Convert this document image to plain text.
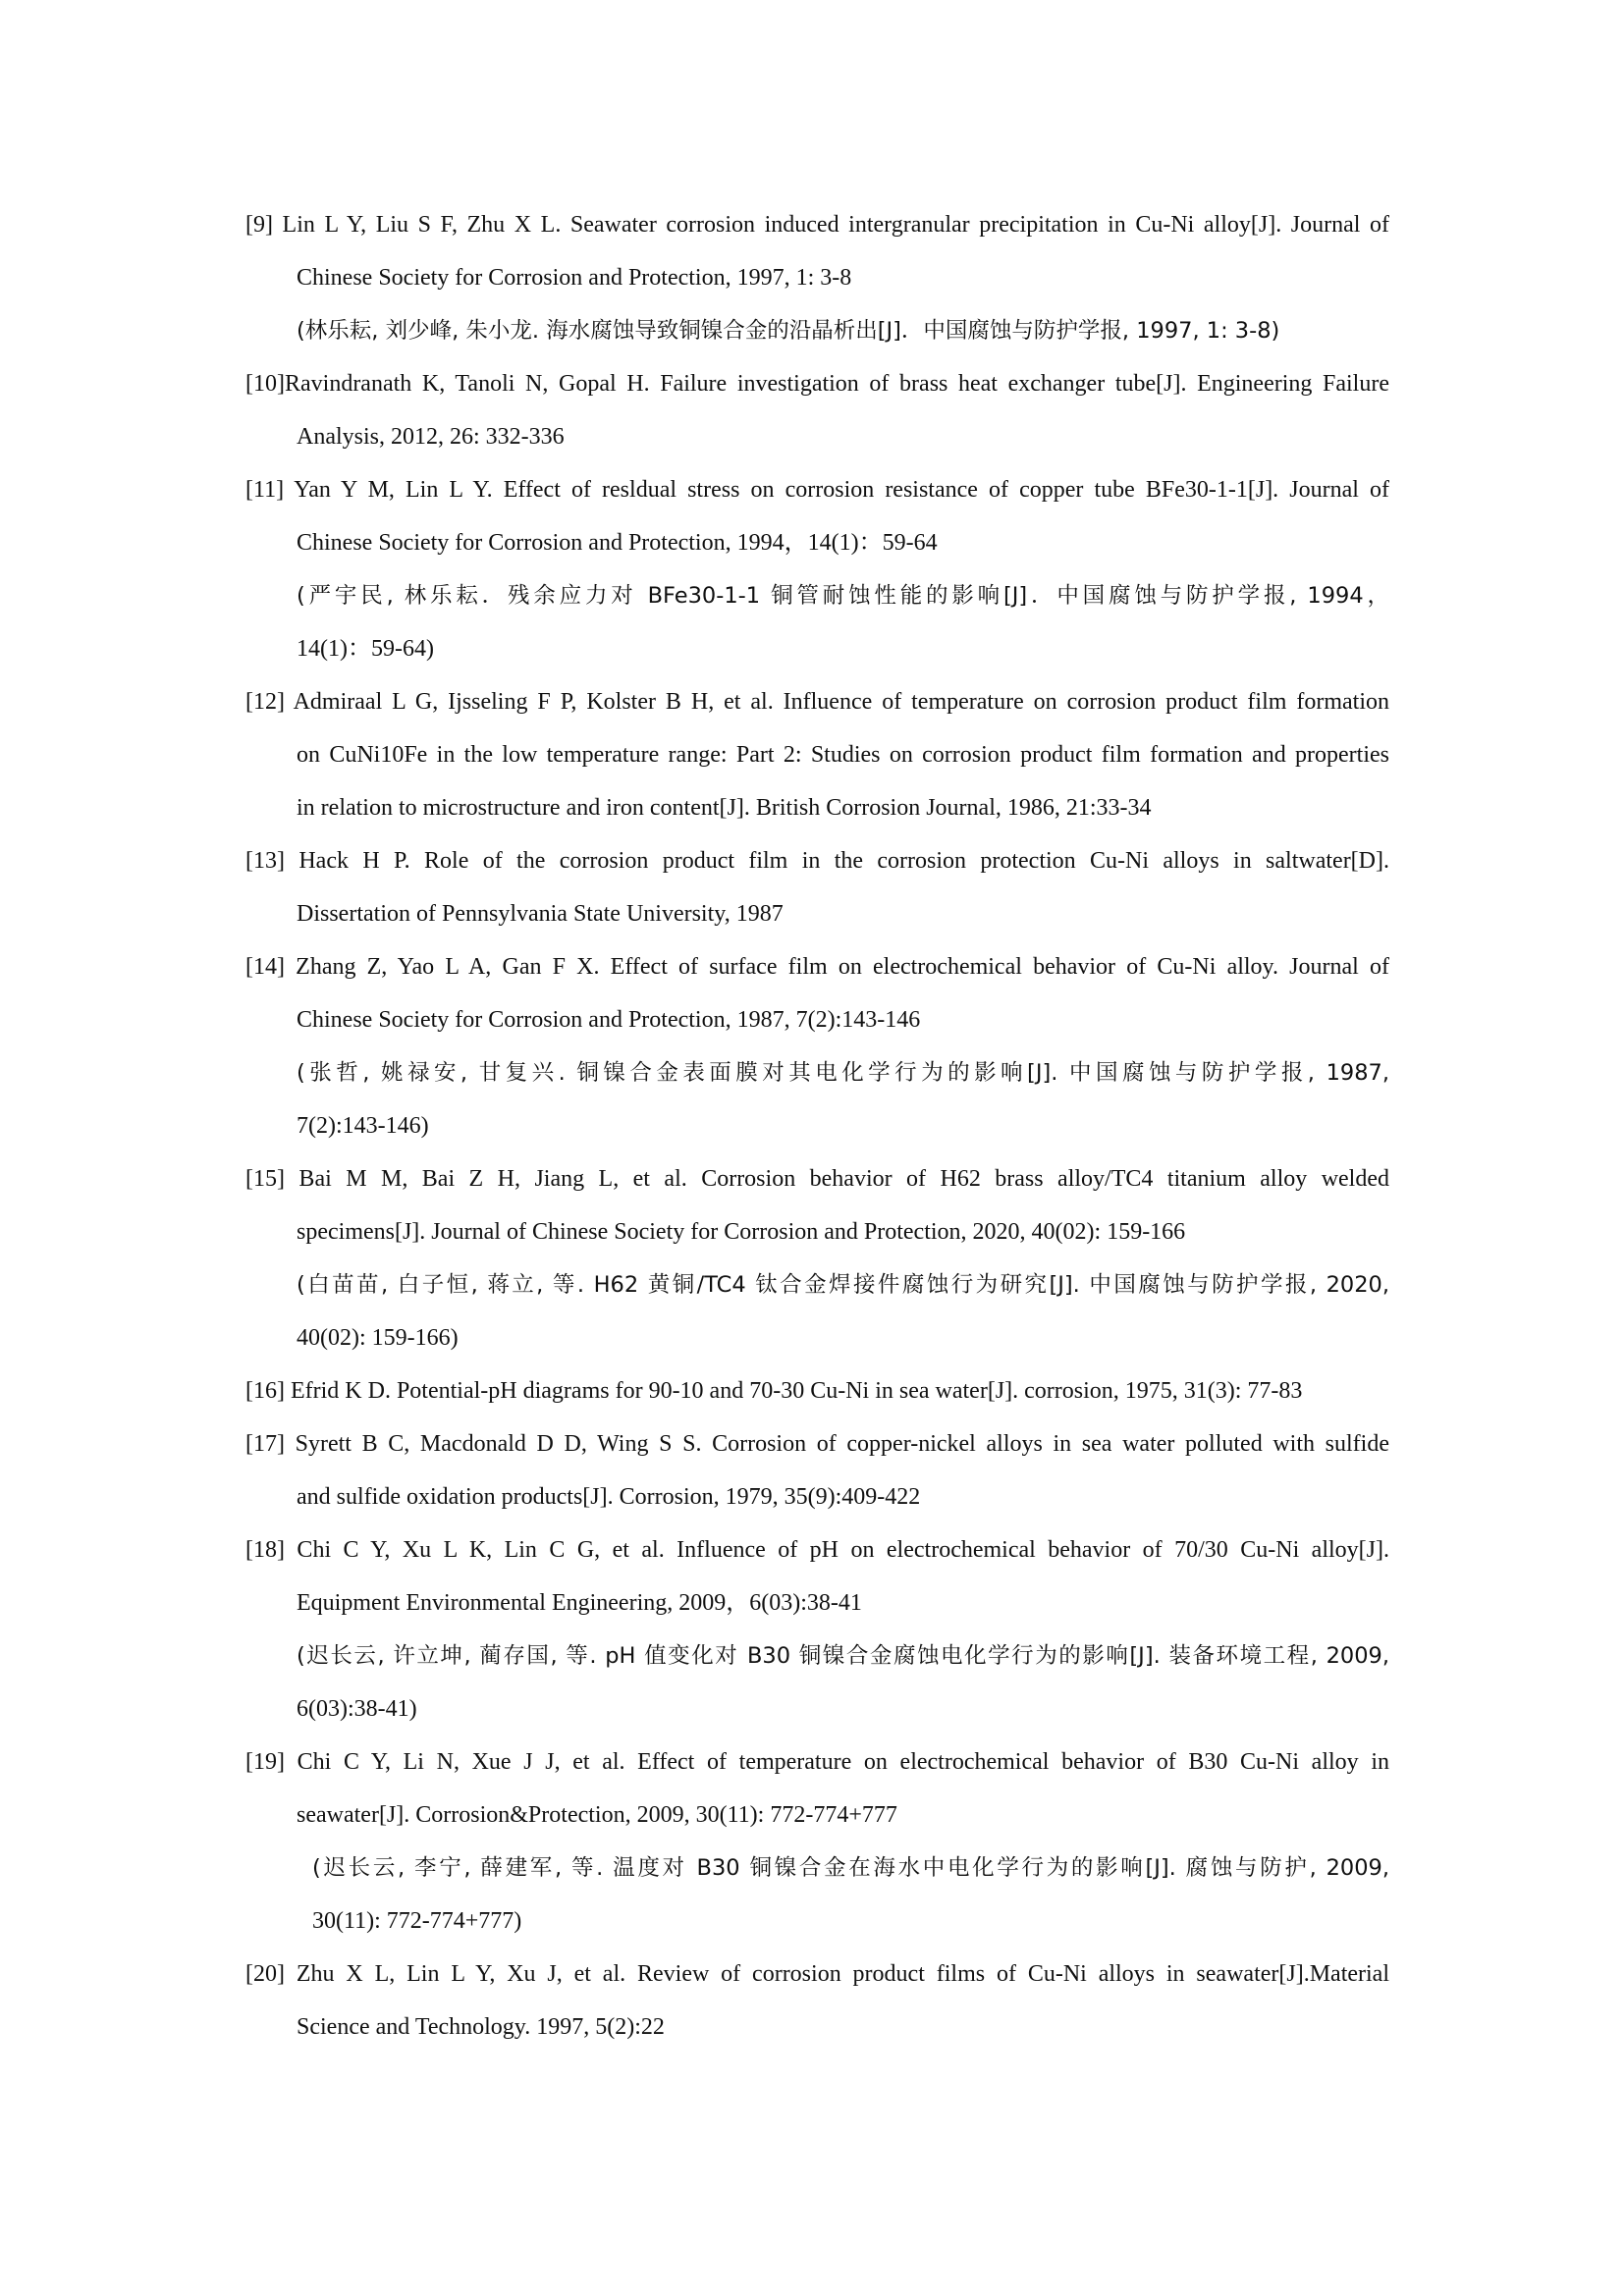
[9] Lin L Y, Liu S F, Zhu X L. Seawater corrosion induced intergranular precipitation in Cu-Ni alloy[J]. Journal of
Chinese Society for Corrosion and Protection, 1997, 1: 3-8
(林乐耘, 刘少峰, 朱小龙. 海水腐蚀导致铜镍合金的沿晶析出[J]．中国腐蚀与防护学报, 1997, 1: 3-8)
[10]Ravindranath K, Tanoli N, Gopal H. Failure investigation of brass heat exchanger tube[J]. Engineering Failure
Analysis, 2012, 26: 332-336
[11] Yan Y M, Lin L Y. Effect of resldual stress on corrosion resistance of copper tube BFe30-1-1[J]. Journal of
Chinese Society for Corrosion and Protection, 1994，14(1)：59-64
(严宇民, 林乐耘．残余应力对 BFe30-1-1 铜管耐蚀性能的影响[J]．中国腐蚀与防护学报, 1994，
14(1)：59-64)
[12] Admiraal L G, Ijsseling F P, Kolster B H, et al. Influence of temperature on corrosion product film formation
on CuNi10Fe in the low temperature range: Part 2: Studies on corrosion product film formation and properties
in relation to microstructure and iron content[J]. British Corrosion Journal, 1986, 21:33-34
[13] Hack H P. Role of the corrosion product film in the corrosion protection Cu-Ni alloys in saltwater[D].
Dissertation of Pennsylvania State University, 1987
[14] Zhang Z, Yao L A, Gan F X. Effect of surface film on electrochemical behavior of Cu-Ni alloy. Journal of
Chinese Society for Corrosion and Protection, 1987, 7(2):143-146
(张哲, 姚禄安, 甘复兴. 铜镍合金表面膜对其电化学行为的影响[J]. 中国腐蚀与防护学报, 1987,
7(2):143-146)
[15] Bai M M, Bai Z H, Jiang L, et al. Corrosion behavior of H62 brass alloy/TC4 titanium alloy welded
specimens[J]. Journal of Chinese Society for Corrosion and Protection, 2020, 40(02): 159-166
(白苗苗, 白子恒, 蒋立, 等. H62 黄铜/TC4 钛合金焊接件腐蚀行为研究[J]. 中国腐蚀与防护学报, 2020,
40(02): 159-166)
[16] Efrid K D. Potential-pH diagrams for 90-10 and 70-30 Cu-Ni in sea water[J]. corrosion, 1975, 31(3): 77-83
[17] Syrett B C, Macdonald D D, Wing S S. Corrosion of copper-nickel alloys in sea water polluted with sulfide
and sulfide oxidation products[J]. Corrosion, 1979, 35(9):409-422
[18] Chi C Y, Xu L K, Lin C G, et al. Influence of pH on electrochemical behavior of 70/30 Cu-Ni alloy[J].
Equipment Environmental Engineering, 2009，6(03):38-41
(迟长云, 许立坤, 蔺存国, 等. pH 值变化对 B30 铜镍合金腐蚀电化学行为的影响[J]. 装备环境工程, 2009,
6(03):38-41)
[19] Chi C Y, Li N, Xue J J, et al. Effect of temperature on electrochemical behavior of B30 Cu-Ni alloy in
seawater[J]. Corrosion&Protection, 2009, 30(11): 772-774+777
(迟长云, 李宁, 薛建军, 等. 温度对 B30 铜镍合金在海水中电化学行为的影响[J]. 腐蚀与防护, 2009,
30(11): 772-774+777)
[20] Zhu X L, Lin L Y, Xu J, et al. Review of corrosion product films of Cu-Ni alloys in seawater[J].Material
Science and Technology. 1997, 5(2):22
